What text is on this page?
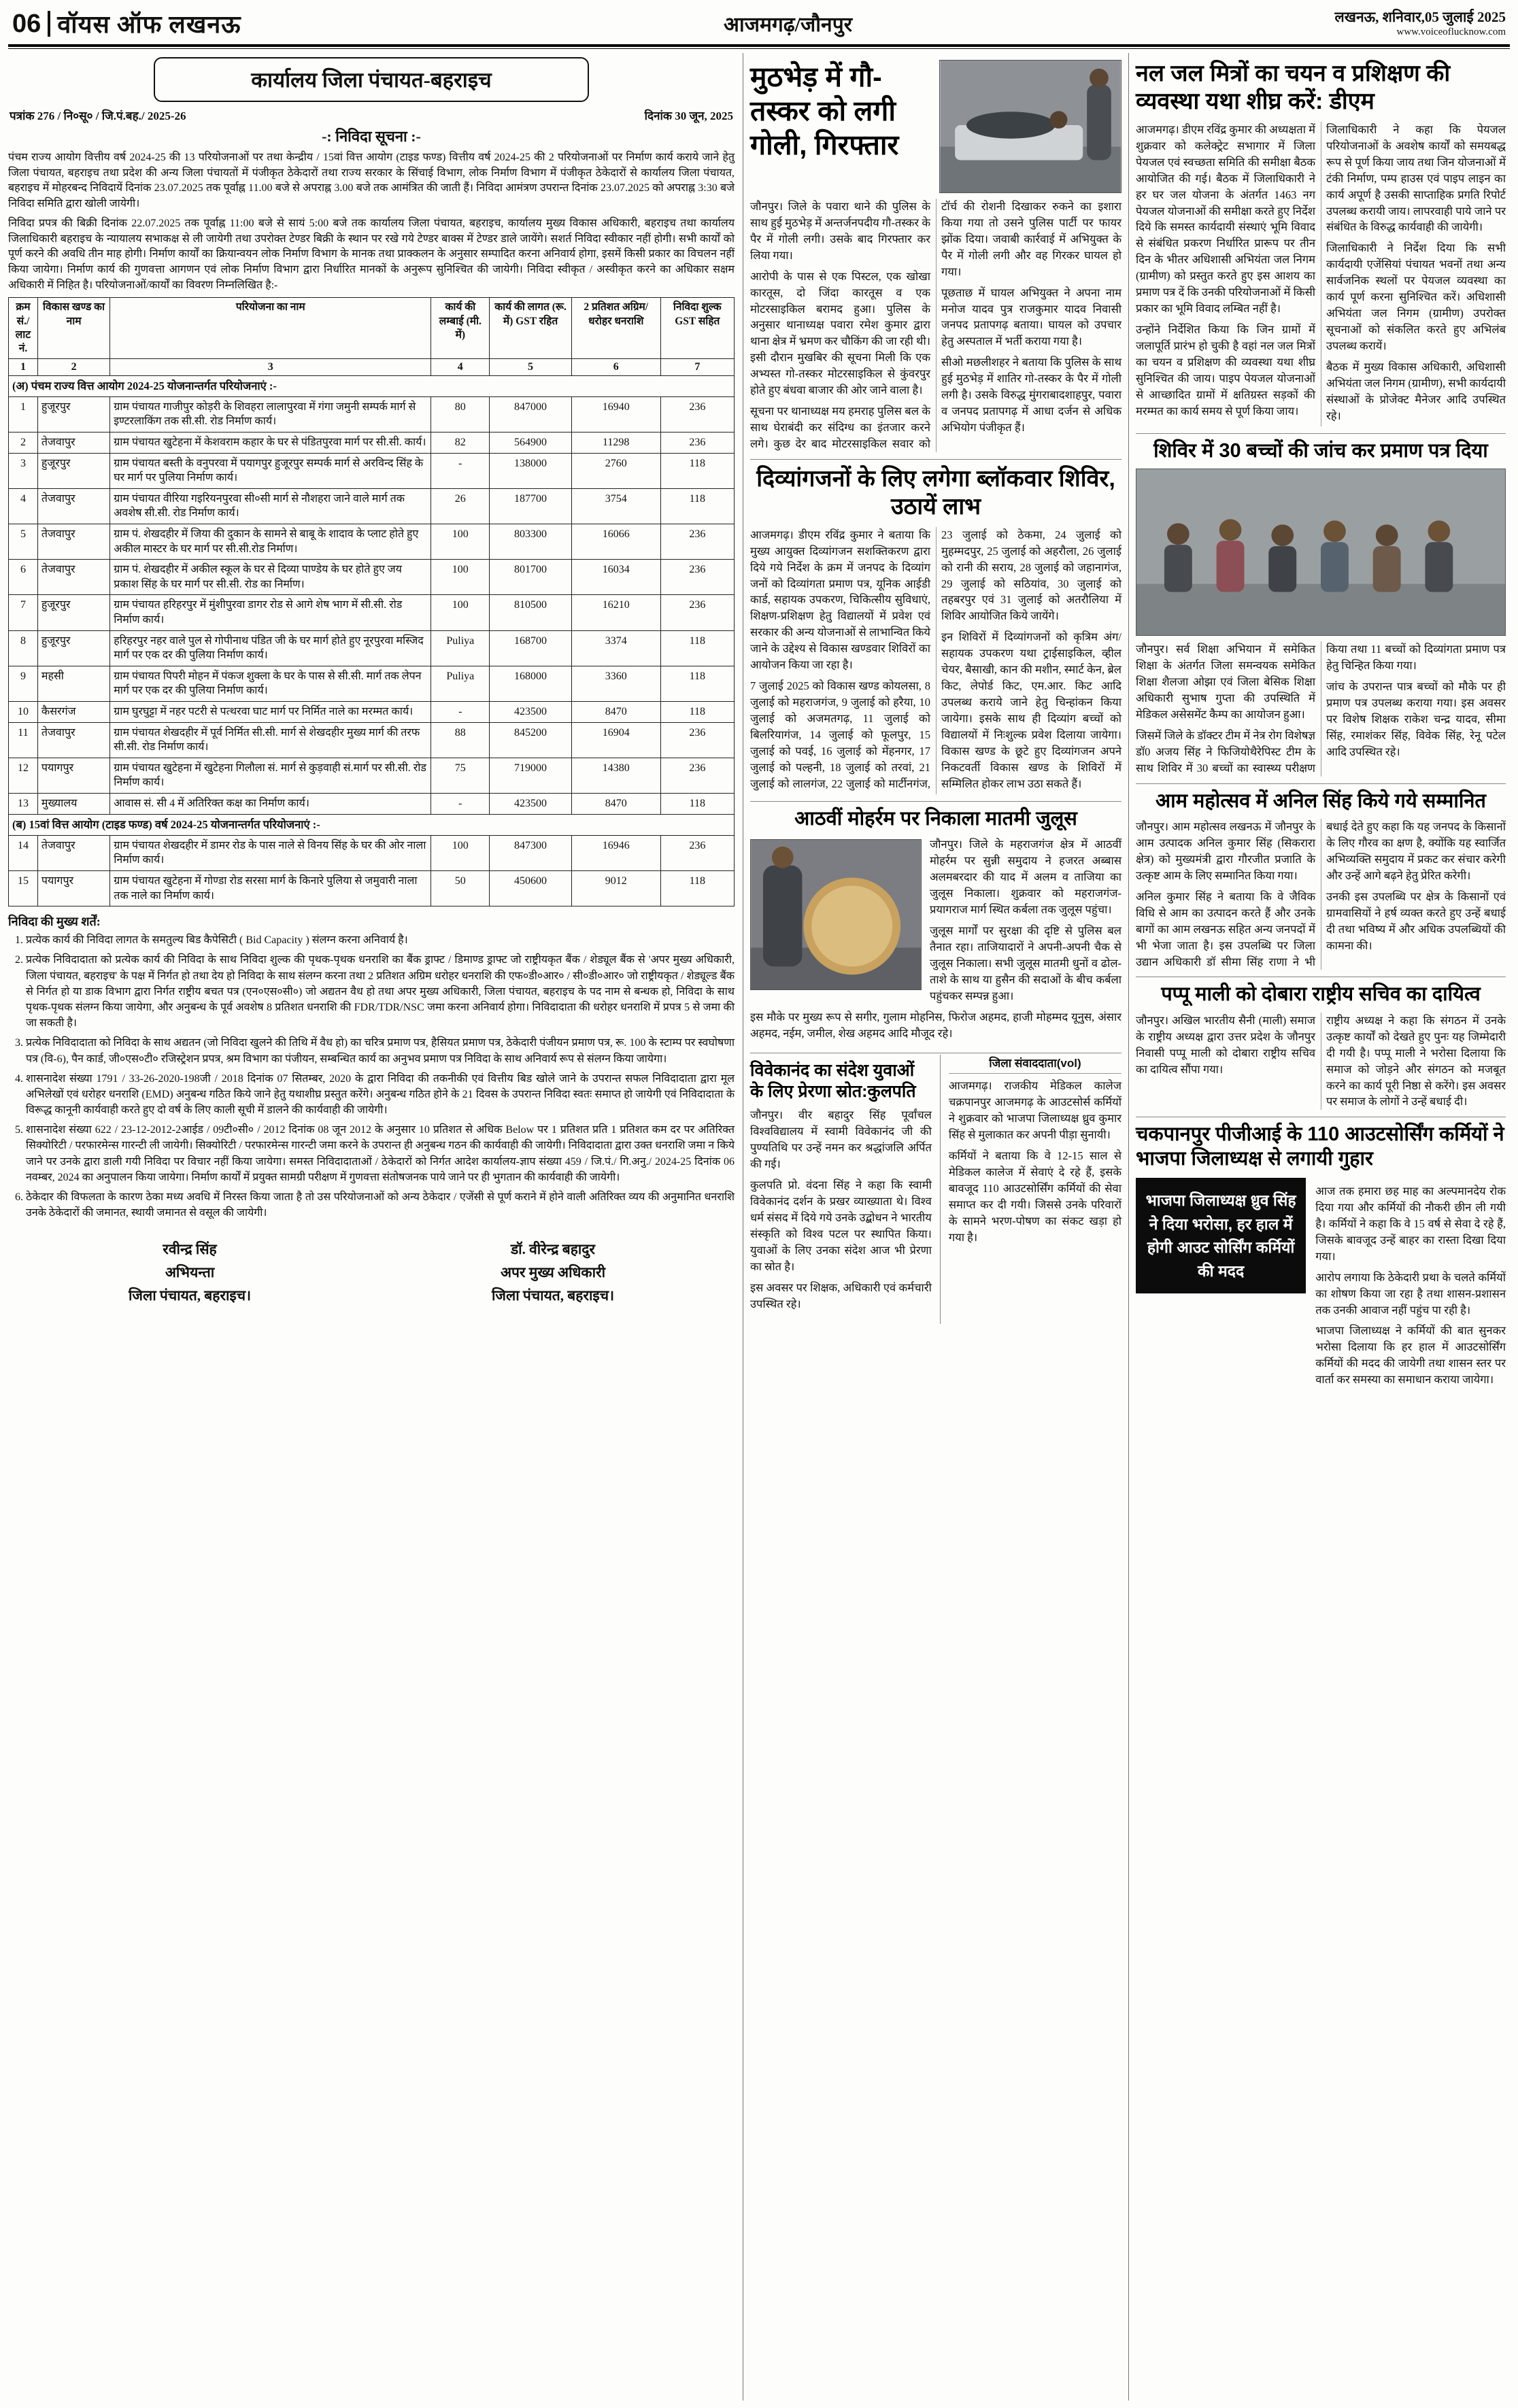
06 वॉयस ऑफ लखनऊ	आजमगढ़/जौनपुर	लखनऊ, शनिवार,05 जुलाई 2025
www.voiceoflucknow.com
कार्यालय जिला पंचायत-बहराइच
पत्रांक 276 / नि०सू० / जि.पं.बह./ 2025-26	दिनांक 30 जून, 2025
-: निविदा सूचना :-

पंचम राज्य आयोग वित्तीय वर्ष 2024-25 की 13 परियोजनाओं पर तथा केन्द्रीय / 15वां वित्त आयोग (टाइड फण्ड) वित्तीय वर्ष 2024-25 की 2 परियोजनाओं पर निर्माण कार्य कराये जाने हेतु जिला पंचायत, बहराइच तथा प्रदेश की अन्य जिला पंचायतों में पंजीकृत ठेकेदारों तथा राज्य सरकार के सिंचाई विभाग, लोक निर्माण विभाग में पंजीकृत ठेकेदारों से कार्यालय जिला पंचायत, बहराइच में मोहरबन्द निविदायें दिनांक 23.07.2025 तक पूर्वाह्न 11.00 बजे से अपराह्न 3.00 बजे तक आमंत्रित की जाती हैं। निविदा आमंत्रण उपरान्त दिनांक 23.07.2025 को अपराह्न 3:30 बजे निविदा समिति द्वारा खोली जायेगी।

निविदा प्रपत्र की बिक्री दिनांक 22.07.2025 तक पूर्वाह्न 11:00 बजे से सायं 5:00 बजे तक कार्यालय जिला पंचायत, बहराइच, कार्यालय मुख्य विकास अधिकारी, बहराइच तथा कार्यालय जिलाधिकारी बहराइच के न्यायालय सभाकक्ष से ली जायेगी तथा उपरोक्त टेण्डर बिक्री के स्थान पर रखे गये टेण्डर बाक्स में टेण्डर डाले जायेंगे। सशर्त निविदा स्वीकार नहीं होगी। सभी कार्यों को पूर्ण करने की अवधि तीन माह होगी। निर्माण कार्यों का क्रियान्वयन लोक निर्माण विभाग के मानक तथा प्राक्कलन के अनुसार सम्पादित करना अनिवार्य होगा, इसमें किसी प्रकार का विचलन नहीं किया जायेगा। निर्माण कार्य की गुणवत्ता आगणन एवं लोक निर्माण विभाग द्वारा निर्धारित मानकों के अनुरूप सुनिश्चित की जायेगी। निविदा स्वीकृत / अस्वीकृत करने का अधिकार सक्षम अधिकारी में निहित है। परियोजनाओं/कार्यों का विवरण निम्नलिखित है:-

क्रम सं./ लाट नं.	विकास खण्ड का नाम	परियोजना का नाम	कार्य की लम्बाई (मी. में)	कार्य की लागत (रू. में) GST रहित	2 प्रतिशत अग्रिम/ धरोहर धनराशि	निविदा शुल्क GST सहित
1	2	3	4	5	6	7
(अ) पंचम राज्य वित्त आयोग 2024-25 योजनान्तर्गत परियोजनाएं :-						
1	हुजूरपुर	ग्राम पंचायत गाजीपुर कोड़री के शिवहरा लालापुरवा में गंगा जमुनी सम्पर्क मार्ग से इण्टरलाकिंग तक सी.सी. रोड निर्माण कार्य।	80	847000	16940	236
2	तेजवापुर	ग्राम पंचायत खुटेहना में केशवराम कहार के घर से पंडितपुरवा मार्ग पर सी.सी. कार्य।	82	564900	11298	236
3	हुजूरपुर	ग्राम पंचायत बस्ती के वनुपरवा में पयागपुर हुजूरपुर सम्पर्क मार्ग से अरविन्द सिंह के घर मार्ग पर पुलिया निर्माण कार्य।	-	138000	2760	118
4	तेजवापुर	ग्राम पंचायत वीरिया गइरियनपुरवा सी०सी मार्ग से नौशहरा जाने वाले मार्ग तक अवशेष सी.सी. रोड निर्माण कार्य।	26	187700	3754	118
5	तेजवापुर	ग्राम पं. शेखदहीर में जिया की दुकान के सामने से बाबू के शादाव के प्लाट होते हुए अकील मास्टर के घर मार्ग पर सी.सी.रोड निर्माण।	100	803300	16066	236
6	तेजवापुर	ग्राम पं. शेखदहीर में अकील स्कूल के घर से दिव्या पाण्डेय के घर होते हुए जय प्रकाश सिंह के घर मार्ग पर सी.सी. रोड का निर्माण।	100	801700	16034	236
7	हुजूरपुर	ग्राम पंचायत हरिहरपुर में मुंशीपुरवा डागर रोड से आगे शेष भाग में सी.सी. रोड निर्माण कार्य।	100	810500	16210	236
8	हुजूरपुर	हरिहरपुर नहर वाले पुल से गोपीनाथ पंडित जी के घर मार्ग होते हुए नूरपुरवा मस्जिद मार्ग पर एक दर की पुलिया निर्माण कार्य।	Puliya	168700	3374	118
9	महसी	ग्राम पंचायत पिपरी मोहन में पंकज शुक्ला के घर के पास से सी.सी. मार्ग तक लेपन मार्ग पर एक दर की पुलिया निर्माण कार्य।	Puliya	168000	3360	118
10	कैसरगंज	ग्राम घुरघुट्टा में नहर पटरी से पत्थरवा घाट मार्ग पर निर्मित नाले का मरम्मत कार्य।	-	423500	8470	118
11	तेजवापुर	ग्राम पंचायत शेखदहीर में पूर्व निर्मित सी.सी. मार्ग से शेखदहीर मुख्य मार्ग की तरफ सी.सी. रोड निर्माण कार्य।	88	845200	16904	236
12	पयागपुर	ग्राम पंचायत खुटेहना में खुटेहना गिलौला सं. मार्ग से कुड़वाही सं.मार्ग पर सी.सी. रोड निर्माण कार्य।	75	719000	14380	236
13	मुख्यालय	आवास सं. सी 4 में अतिरिक्त कक्ष का निर्माण कार्य।	-	423500	8470	118
(ब) 15वां वित्त आयोग (टाइड फण्ड) वर्ष 2024-25 योजनान्तर्गत परियोजनाएं :-						
14	तेजवापुर	ग्राम पंचायत शेखदहीर में डामर रोड के पास नाले से विनय सिंह के घर की ओर नाला निर्माण कार्य।	100	847300	16946	236
15	पयागपुर	ग्राम पंचायत खुटेहना में गोण्डा रोड सरसा मार्ग के किनारे पुलिया से जमुवारी नाला तक नाले का निर्माण कार्य।	50	450600	9012	118
निविदा की मुख्य शर्तें:
1. प्रत्येक कार्य की निविदा लागत के समतुल्य बिड कैपेसिटी ( Bid Capacity ) संलग्न करना अनिवार्य है।
2. प्रत्येक निविदादाता को प्रत्येक कार्य की निविदा के साथ निविदा शुल्क की पृथक-पृथक धनराशि का बैंक ड्राफ्ट / डिमाण्ड ड्राफ्ट जो राष्ट्रीयकृत बैंक / शेड्यूल बैंक से 'अपर मुख्य अधिकारी, जिला पंचायत, बहराइच' के पक्ष में निर्गत हो तथा देय हो निविदा के साथ संलग्न करना तथा 2 प्रतिशत अग्रिम धरोहर धनराशि की एफ०डी०आर० / सी०डी०आर० जो राष्ट्रीयकृत / शेड्यूल्ड बैंक से निर्गत हो या डाक विभाग द्वारा निर्गत राष्ट्रीय बचत पत्र (एन०एस०सी०) जो अद्यतन वैध हो तथा अपर मुख्य अधिकारी, जिला पंचायत, बहराइच के पद नाम से बन्धक हो, निविदा के साथ पृथक-पृथक संलग्न किया जायेगा, और अनुबन्ध के पूर्व अवशेष 8 प्रतिशत धनराशि की FDR/TDR/NSC जमा करना अनिवार्य होगा। निविदादाता की धरोहर धनराशि में प्रपत्र 5 से जमा की जा सकती है।
3. प्रत्येक निविदादाता को निविदा के साथ अद्यतन (जो निविदा खुलने की तिथि में वैध हो) का चरित्र प्रमाण पत्र, हैसियत प्रमाण पत्र, ठेकेदारी पंजीयन प्रमाण पत्र, रू. 100 के स्टाम्प पर स्वघोषणा पत्र (वि-6), पैन कार्ड, जी०एस०टी० रजिस्ट्रेशन प्रपत्र, श्रम विभाग का पंजीयन, सम्बन्धित कार्य का अनुभव प्रमाण पत्र निविदा के साथ अनिवार्य रूप से संलग्न किया जायेगा।
4. शासनादेश संख्या 1791 / 33-26-2020-198जी / 2018 दिनांक 07 सितम्बर, 2020 के द्वारा निविदा की तकनीकी एवं वित्तीय बिड खोले जाने के उपरान्त सफल निविदादाता द्वारा मूल अभिलेखों एवं धरोहर धनराशि (EMD) अनुबन्ध गठित किये जाने हेतु यथाशीघ्र प्रस्तुत करेंगे। अनुबन्ध गठित होने के 21 दिवस के उपरान्त निविदा स्वतः समाप्त हो जायेगी एवं निविदादाता के विरूद्ध कानूनी कार्यवाही करते हुए दो वर्ष के लिए काली सूची में डालने की कार्यवाही की जायेगी।
5. शासनादेश संख्या 622 / 23-12-2012-2आईड / 09टी०सी० / 2012 दिनांक 08 जून 2012 के अनुसार 10 प्रतिशत से अधिक Below पर 1 प्रतिशत प्रति 1 प्रतिशत कम दर पर अतिरिक्त सिक्योरिटी / परफारमेन्स गारन्टी ली जायेगी। सिक्योरिटी / परफारमेन्स गारन्टी जमा करने के उपरान्त ही अनुबन्ध गठन की कार्यवाही की जायेगी। निविदादाता द्वारा उक्त धनराशि जमा न किये जाने पर उनके द्वारा डाली गयी निविदा पर विचार नहीं किया जायेगा। समस्त निविदादाताओं / ठेकेदारों को निर्गत आदेश कार्यालय-ज्ञाप संख्या 459 / जि.पं./ गि.अनु./ 2024-25 दिनांक 06 नवम्बर, 2024 का अनुपालन किया जायेगा। निर्माण कार्यों में प्रयुक्त सामग्री परीक्षण में गुणवत्ता संतोषजनक पाये जाने पर ही भुगतान की कार्यवाही की जायेगी।
6. ठेकेदार की विफलता के कारण ठेका मध्य अवधि में निरस्त किया जाता है तो उस परियोजनाओं को अन्य ठेकेदार / एजेंसी से पूर्ण कराने में होने वाली अतिरिक्त व्यय की अनुमानित धनराशि उनके ठेकेदारों की जमानत, स्थायी जमानत से वसूल की जायेगी।
रवीन्द्र सिंह
अभियन्ता
जिला पंचायत, बहराइच।
डॉ. वीरेन्द्र बहादुर
अपर मुख्य अधिकारी
जिला पंचायत, बहराइच।
मुठभेड़ में गौ-तस्कर को लगी गोली, गिरफ्तार

जौनपुर। जिले के पवारा थाने की पुलिस के साथ हुई मुठभेड़ में अन्तर्जनपदीय गौ-तस्कर के पैर में गोली लगी। उसके बाद गिरफ्तार कर लिया गया।

आरोपी के पास से एक पिस्टल, एक खोखा कारतूस, दो जिंदा कारतूस व एक मोटरसाइकिल बरामद हुआ। पुलिस के अनुसार थानाध्यक्ष पवारा रमेश कुमार द्वारा थाना क्षेत्र में भ्रमण कर चौकिंग की जा रही थी। इसी दौरान मुखबिर की सूचना मिली कि एक अभ्यस्त गो-तस्कर मोटरसाइकिल से कुंवरपुर होते हुए बंधवा बाजार की ओर जाने वाला है।

सूचना पर थानाध्यक्ष मय हमराह पुलिस बल के साथ घेराबंदी कर संदिग्ध का इंतजार करने लगे। कुछ देर बाद मोटरसाइकिल सवार को टॉर्च की रोशनी दिखाकर रुकने का इशारा किया गया तो उसने पुलिस पार्टी पर फायर झोंक दिया। जवाबी कार्रवाई में अभियुक्त के पैर में गोली लगी और वह गिरकर घायल हो गया।

पूछताछ में घायल अभियुक्त ने अपना नाम मनोज यादव पुत्र राजकुमार यादव निवासी जनपद प्रतापगढ़ बताया। घायल को उपचार हेतु अस्पताल में भर्ती कराया गया है।

सीओ मछलीशहर ने बताया कि पुलिस के साथ हुई मुठभेड़ में शातिर गो-तस्कर के पैर में गोली लगी है। उसके विरुद्ध मुंगराबादशाहपुर, पवारा व जनपद प्रतापगढ़ में आधा दर्जन से अधिक अभियोग पंजीकृत हैं।

दिव्यांगजनों के लिए लगेगा ब्लॉकवार शिविर, उठायें लाभ

आजमगढ़। डीएम रविंद्र कुमार ने बताया कि मुख्य आयुक्त दिव्यांगजन सशक्तिकरण द्वारा दिये गये निर्देश के क्रम में जनपद के दिव्यांग जनों को दिव्यांगता प्रमाण पत्र, यूनिक आईडी कार्ड, सहायक उपकरण, चिकित्सीय सुविधाएं, शिक्षण-प्रशिक्षण हेतु विद्यालयों में प्रवेश एवं सरकार की अन्य योजनाओं से लाभान्वित किये जाने के उद्देश्य से विकास खण्डवार शिविरों का आयोजन किया जा रहा है।

7 जुलाई 2025 को विकास खण्ड कोयलसा, 8 जुलाई को महराजगंज, 9 जुलाई को हरैया, 10 जुलाई को अजमतगढ़, 11 जुलाई को बिलरियागंज, 14 जुलाई को फूलपुर, 15 जुलाई को पवई, 16 जुलाई को मेंहनगर, 17 जुलाई को पल्हनी, 18 जुलाई को तरवां, 21 जुलाई को लालगंज, 22 जुलाई को मार्टीनगंज, 23 जुलाई को ठेकमा, 24 जुलाई को मुहम्मदपुर, 25 जुलाई को अहरौला, 26 जुलाई को रानी की सराय, 28 जुलाई को जहानागंज, 29 जुलाई को सठियांव, 30 जुलाई को तहबरपुर एवं 31 जुलाई को अतरौलिया में शिविर आयोजित किये जायेंगे।

इन शिविरों में दिव्यांगजनों को कृत्रिम अंग/सहायक उपकरण यथा ट्राईसाइकिल, व्हील चेयर, बैसाखी, कान की मशीन, स्मार्ट केन, ब्रेल किट, लेपोर्ड किट, एम.आर. किट आदि उपलब्ध कराये जाने हेतु चिन्हांकन किया जायेगा। इसके साथ ही दिव्यांग बच्चों को विद्यालयों में निःशुल्क प्रवेश दिलाया जायेगा। विकास खण्ड के छूटे हुए दिव्यांगजन अपने निकटवर्ती विकास खण्ड के शिविरों में सम्मिलित होकर लाभ उठा सकते हैं।

आठवीं मोहर्रम पर निकाला मातमी जुलूस

जौनपुर। जिले के महराजगंज क्षेत्र में आठवीं मोहर्रम पर सुन्नी समुदाय ने हजरत अब्बास अलमबरदार की याद में अलम व ताजिया का जुलूस निकाला। शुक्रवार को महराजगंज-प्रयागराज मार्ग स्थित कर्बला तक जुलूस पहुंचा।

जुलूस मार्गों पर सुरक्षा की दृष्टि से पुलिस बल तैनात रहा। ताजियादारों ने अपनी-अपनी चैक से जुलूस निकाला। सभी जुलूस मातमी धुनों व ढोल-ताशे के साथ या हुसैन की सदाओं के बीच कर्बला पहुंचकर सम्पन्न हुआ।

इस मौके पर मुख्य रूप से सगीर, गुलाम मोहनिस, फिरोज अहमद, हाजी मोहम्मद यूनुस, अंसार अहमद, नईम, जमील, शेख अहमद आदि मौजूद रहे।

विवेकानंद का संदेश युवाओं के लिए प्रेरणा स्रोत:कुलपति

जौनपुर। वीर बहादुर सिंह पूर्वांचल विश्वविद्यालय में स्वामी विवेकानंद जी की पुण्यतिथि पर उन्हें नमन कर श्रद्धांजलि अर्पित की गई।

कुलपति प्रो. वंदना सिंह ने कहा कि स्वामी विवेकानंद दर्शन के प्रखर व्याख्याता थे। विश्व धर्म संसद में दिये गये उनके उद्बोधन ने भारतीय संस्कृति को विश्व पटल पर स्थापित किया। युवाओं के लिए उनका संदेश आज भी प्रेरणा का स्रोत है।

इस अवसर पर शिक्षक, अधिकारी एवं कर्मचारी उपस्थित रहे।

जिला संवाददाता(vol)

आजमगढ़। राजकीय मेडिकल कालेज चक्रपानपुर आजमगढ़ के आउटसोर्स कर्मियों ने शुक्रवार को भाजपा जिलाध्यक्ष ध्रुव कुमार सिंह से मुलाकात कर अपनी पीड़ा सुनायी।

कर्मियों ने बताया कि वे 12-15 साल से मेडिकल कालेज में सेवाएं दे रहे हैं, इसके बावजूद 110 आउटसोर्सिंग कर्मियों की सेवा समाप्त कर दी गयी। जिससे उनके परिवारों के सामने भरण-पोषण का संकट खड़ा हो गया है।

नल जल मित्रों का चयन व प्रशिक्षण की व्यवस्था यथा शीघ्र करें: डीएम

आजमगढ़। डीएम रविंद्र कुमार की अध्यक्षता में शुक्रवार को कलेक्ट्रेट सभागार में जिला पेयजल एवं स्वच्छता समिति की समीक्षा बैठक आयोजित की गई। बैठक में जिलाधिकारी ने हर घर जल योजना के अंतर्गत 1463 नग पेयजल योजनाओं की समीक्षा करते हुए निर्देश दिये कि समस्त कार्यदायी संस्थाएं भूमि विवाद से संबंधित प्रकरण निर्धारित प्रारूप पर तीन दिन के भीतर अधिशासी अभियंता जल निगम (ग्रामीण) को प्रस्तुत करते हुए इस आशय का प्रमाण पत्र दें कि उनकी परियोजनाओं में किसी प्रकार का भूमि विवाद लम्बित नहीं है।

उन्होंने निर्देशित किया कि जिन ग्रामों में जलापूर्ति प्रारंभ हो चुकी है वहां नल जल मित्रों का चयन व प्रशिक्षण की व्यवस्था यथा शीघ्र सुनिश्चित की जाय। पाइप पेयजल योजनाओं से आच्छादित ग्रामों में क्षतिग्रस्त सड़कों की मरम्मत का कार्य समय से पूर्ण किया जाय।

जिलाधिकारी ने कहा कि पेयजल परियोजनाओं के अवशेष कार्यों को समयबद्ध रूप से पूर्ण किया जाय तथा जिन योजनाओं में टंकी निर्माण, पम्प हाउस एवं पाइप लाइन का कार्य अपूर्ण है उसकी साप्ताहिक प्रगति रिपोर्ट उपलब्ध करायी जाय। लापरवाही पाये जाने पर संबंधित के विरुद्ध कार्यवाही की जायेगी।

जिलाधिकारी ने निर्देश दिया कि सभी कार्यदायी एजेंसियां पंचायत भवनों तथा अन्य सार्वजनिक स्थलों पर पेयजल व्यवस्था का कार्य पूर्ण करना सुनिश्चित करें। अधिशासी अभियंता जल निगम (ग्रामीण) उपरोक्त सूचनाओं को संकलित करते हुए अभिलंब उपलब्ध करायें।

बैठक में मुख्य विकास अधिकारी, अधिशासी अभियंता जल निगम (ग्रामीण), सभी कार्यदायी संस्थाओं के प्रोजेक्ट मैनेजर आदि उपस्थित रहे।

शिविर में 30 बच्चों की जांच कर प्रमाण पत्र दिया

जौनपुर। सर्व शिक्षा अभियान में समेकित शिक्षा के अंतर्गत जिला समन्वयक समेकित शिक्षा शैलजा ओझा एवं जिला बेसिक शिक्षा अधिकारी सुभाष गुप्ता की उपस्थिति में मेडिकल असेसमेंट कैम्प का आयोजन हुआ।

जिसमें जिले के डॉक्टर टीम में नेत्र रोग विशेषज्ञ डॉ0 अजय सिंह ने फिजियोथैरेपिस्ट टीम के साथ शिविर में 30 बच्चों का स्वास्थ्य परीक्षण किया तथा 11 बच्चों को दिव्यांगता प्रमाण पत्र हेतु चिन्हित किया गया।

जांच के उपरान्त पात्र बच्चों को मौके पर ही प्रमाण पत्र उपलब्ध कराया गया। इस अवसर पर विशेष शिक्षक राकेश चन्द्र यादव, सीमा सिंह, रमाशंकर सिंह, विवेक सिंह, रेनू पटेल आदि उपस्थित रहे।

आम महोत्सव में अनिल सिंह किये गये सम्मानित

जौनपुर। आम महोत्सव लखनऊ में जौनपुर के आम उत्पादक अनिल कुमार सिंह (सिकरारा क्षेत्र) को मुख्यमंत्री द्वारा गौरजीत प्रजाति के उत्कृष्ट आम के लिए सम्मानित किया गया।

अनिल कुमार सिंह ने बताया कि वे जैविक विधि से आम का उत्पादन करते हैं और उनके बागों का आम लखनऊ सहित अन्य जनपदों में भी भेजा जाता है। इस उपलब्धि पर जिला उद्यान अधिकारी डॉ सीमा सिंह राणा ने भी बधाई देते हुए कहा कि यह जनपद के किसानों के लिए गौरव का क्षण है, क्योंकि यह स्वार्जित अभिव्यक्ति समुदाय में प्रकट कर संचार करेगी और उन्हें आगे बढ़ने हेतु प्रेरित करेगी।

उनकी इस उपलब्धि पर क्षेत्र के किसानों एवं ग्रामवासियों ने हर्ष व्यक्त करते हुए उन्हें बधाई दी तथा भविष्य में और अधिक उपलब्धियों की कामना की।

पप्पू माली को दोबारा राष्ट्रीय सचिव का दायित्व

जौनपुर। अखिल भारतीय सैनी (माली) समाज के राष्ट्रीय अध्यक्ष द्वारा उत्तर प्रदेश के जौनपुर निवासी पप्पू माली को दोबारा राष्ट्रीय सचिव का दायित्व सौंपा गया।

राष्ट्रीय अध्यक्ष ने कहा कि संगठन में उनके उत्कृष्ट कार्यों को देखते हुए पुनः यह जिम्मेदारी दी गयी है। पप्पू माली ने भरोसा दिलाया कि समाज को जोड़ने और संगठन को मजबूत करने का कार्य पूरी निष्ठा से करेंगे। इस अवसर पर समाज के लोगों ने उन्हें बधाई दी।

चकपानपुर पीजीआई के 110 आउटसोर्सिंग कर्मियों ने भाजपा जिलाध्यक्ष से लगायी गुहार
भाजपा जिलाध्यक्ष ध्रुव सिंह ने दिया भरोसा, हर हाल में होगी आउट सोर्सिंग कर्मियों की मदद

आज तक हमारा छह माह का अल्पमानदेय रोक दिया गया और कर्मियों की नौकरी छीन ली गयी है। कर्मियों ने कहा कि वे 15 वर्ष से सेवा दे रहे हैं, जिसके बावजूद उन्हें बाहर का रास्ता दिखा दिया गया।

आरोप लगाया कि ठेकेदारी प्रथा के चलते कर्मियों का शोषण किया जा रहा है तथा शासन-प्रशासन तक उनकी आवाज नहीं पहुंच पा रही है।

भाजपा जिलाध्यक्ष ने कर्मियों की बात सुनकर भरोसा दिलाया कि हर हाल में आउटसोर्सिंग कर्मियों की मदद की जायेगी तथा शासन स्तर पर वार्ता कर समस्या का समाधान कराया जायेगा।
